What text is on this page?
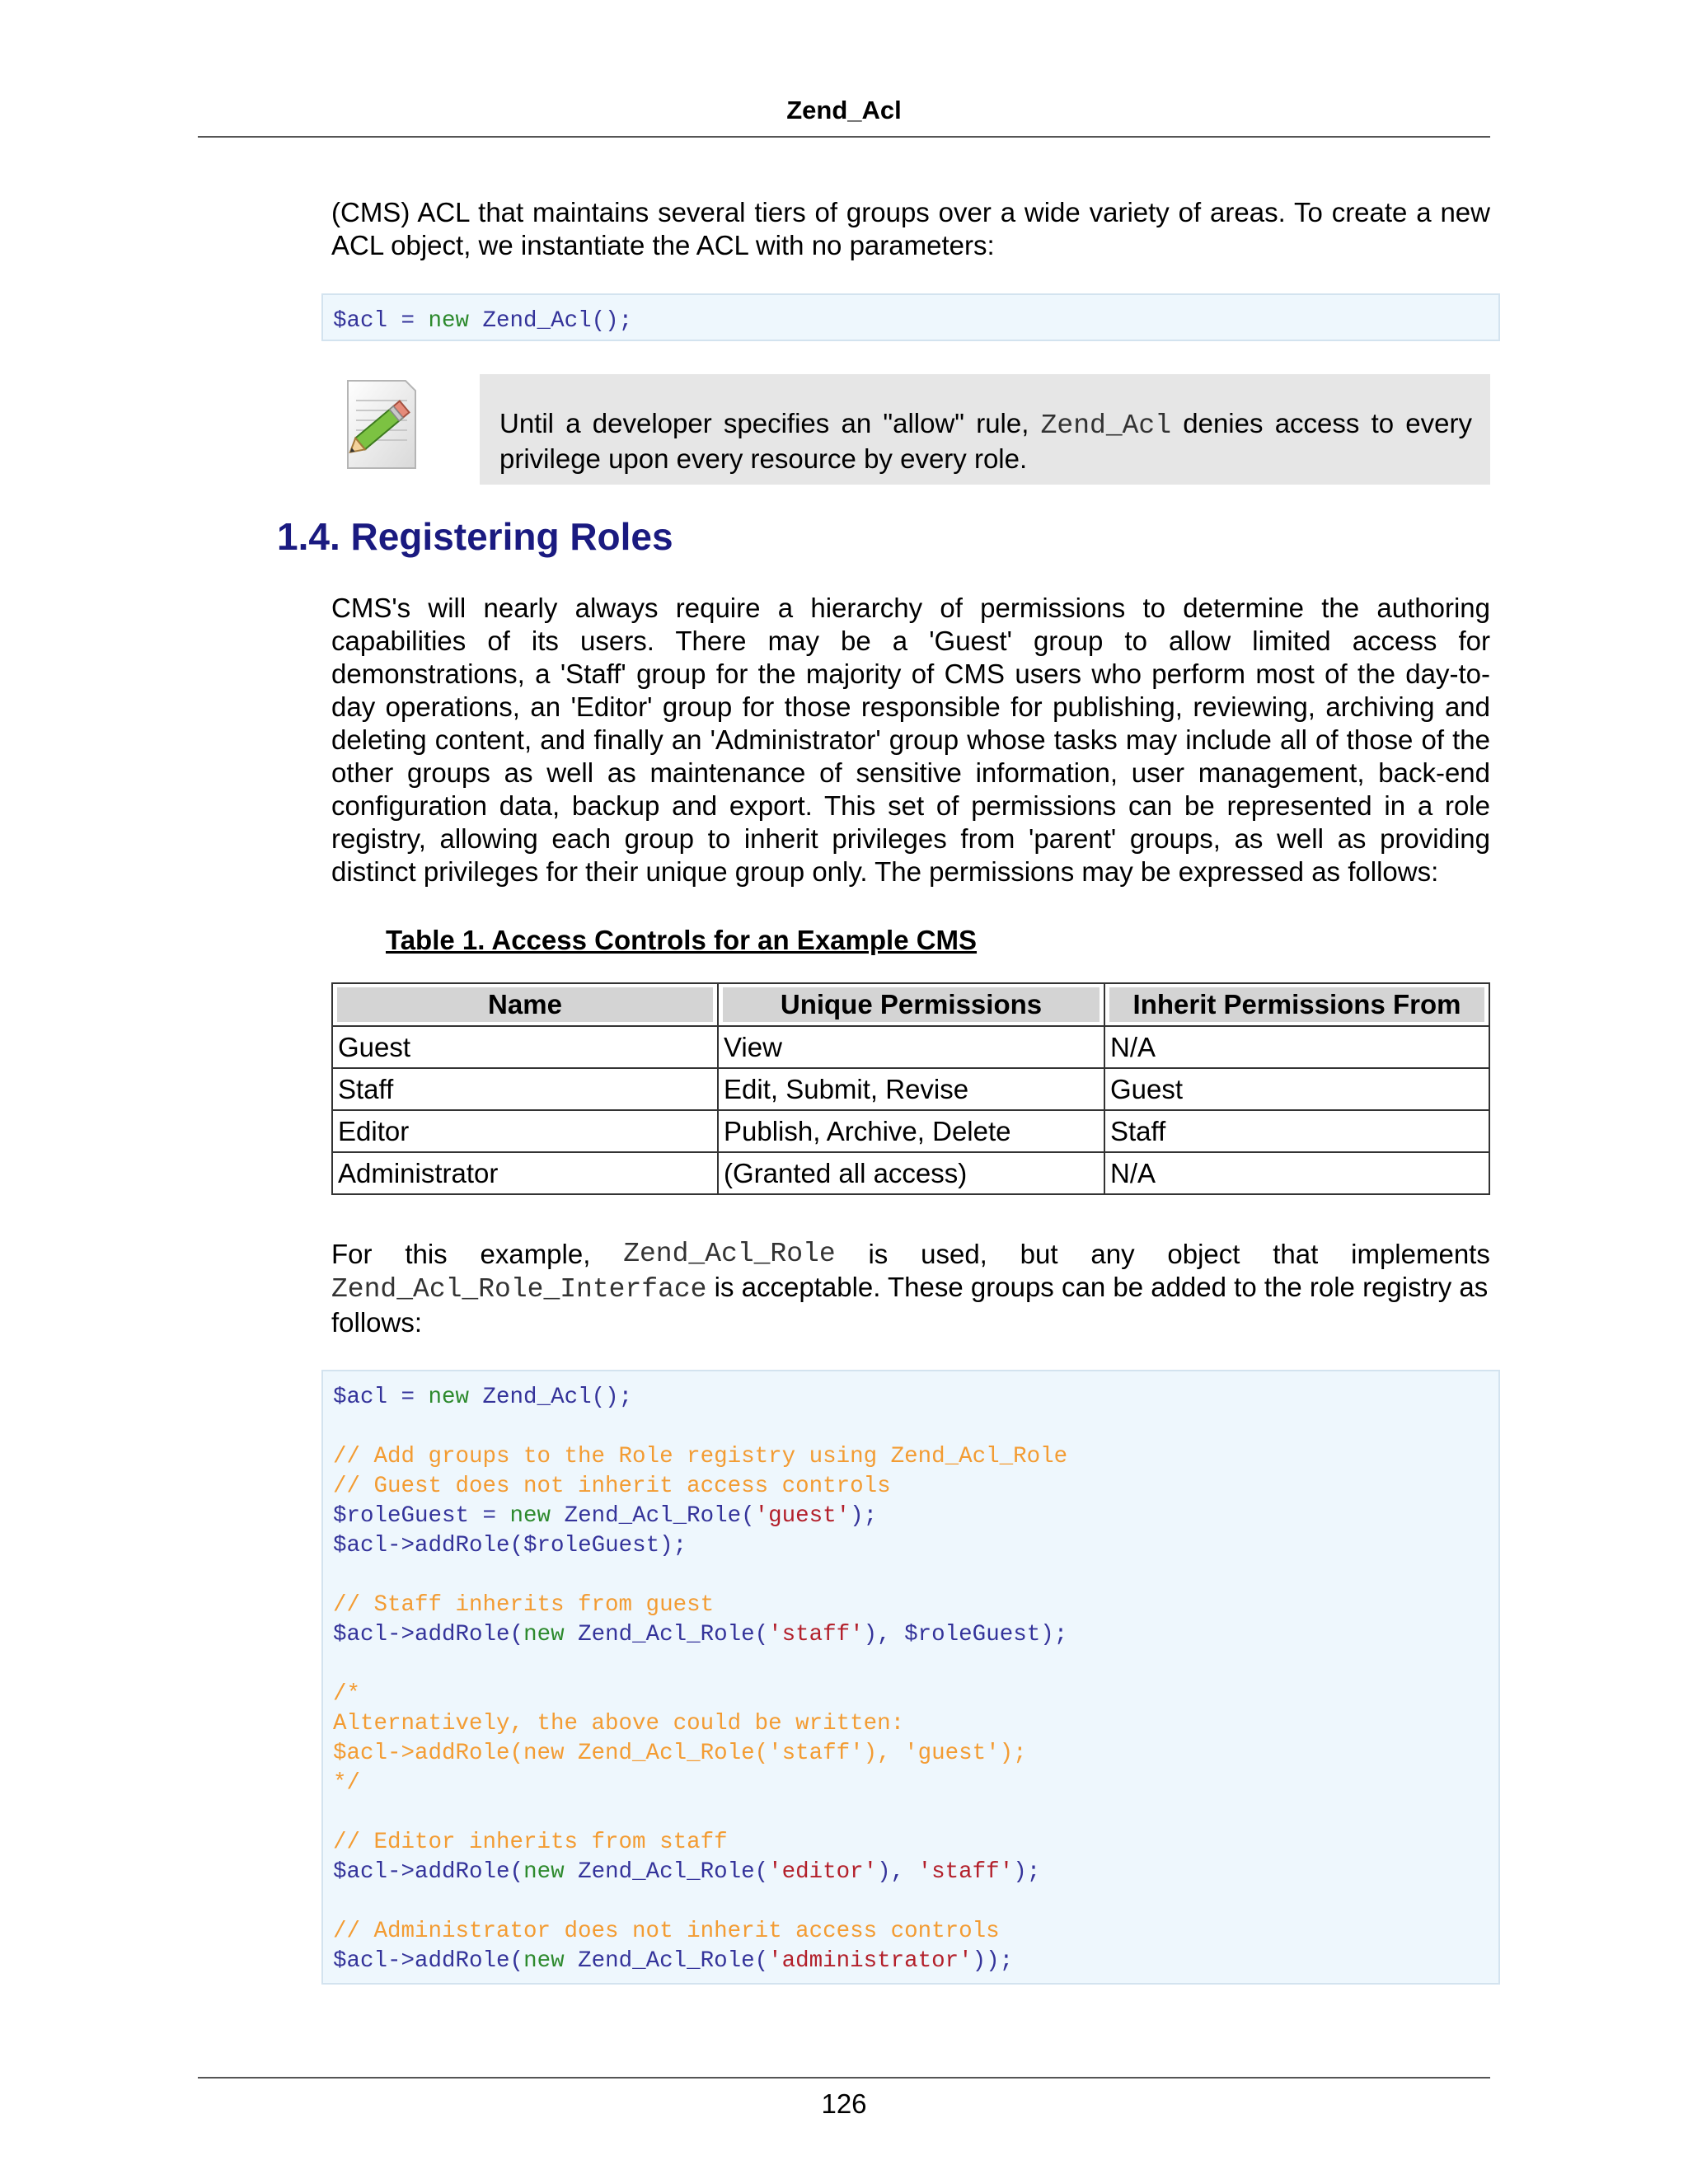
Zend_Acl
(CMS) ACL that maintains several tiers of groups over a wide variety of areas. To create a new ACL object, we instantiate the ACL with no parameters:
$acl = new Zend_Acl();
Until a developer specifies an "allow" rule, Zend_Acl denies access to every privilege upon every resource by every role.
1.4. Registering Roles
CMS's will nearly always require a hierarchy of permissions to determine the authoring capabilities of its users. There may be a 'Guest' group to allow limited access for demonstrations, a 'Staff' group for the majority of CMS users who perform most of the day-to-day operations, an 'Editor' group for those responsible for publishing, reviewing, archiving and deleting content, and finally an 'Administrator' group whose tasks may include all of those of the other groups as well as maintenance of sensitive information, user management, back-end configuration data, backup and export. This set of permissions can be represented in a role registry, allowing each group to inherit privileges from 'parent' groups, as well as providing distinct privileges for their unique group only. The permissions may be expressed as follows:
Table 1. Access Controls for an Example CMS
Name	Unique Permissions	Inherit Permissions From

Guest	View	N/A
Staff	Edit, Submit, Revise	Guest
Editor	Publish, Archive, Delete	Staff
Administrator	(Granted all access)	N/A
For this example, Zend_Acl_Role is used, but any object that implements
Zend_Acl_Role_Interface is acceptable. These groups can be added to the role registry as follows:
$acl = new Zend_Acl();

// Add groups to the Role registry using Zend_Acl_Role
// Guest does not inherit access controls
$roleGuest = new Zend_Acl_Role('guest');
$acl->addRole($roleGuest);

// Staff inherits from guest
$acl->addRole(new Zend_Acl_Role('staff'), $roleGuest);

/*
Alternatively, the above could be written:
$acl->addRole(new Zend_Acl_Role('staff'), 'guest');
*/

// Editor inherits from staff
$acl->addRole(new Zend_Acl_Role('editor'), 'staff');

// Administrator does not inherit access controls
$acl->addRole(new Zend_Acl_Role('administrator'));
126
